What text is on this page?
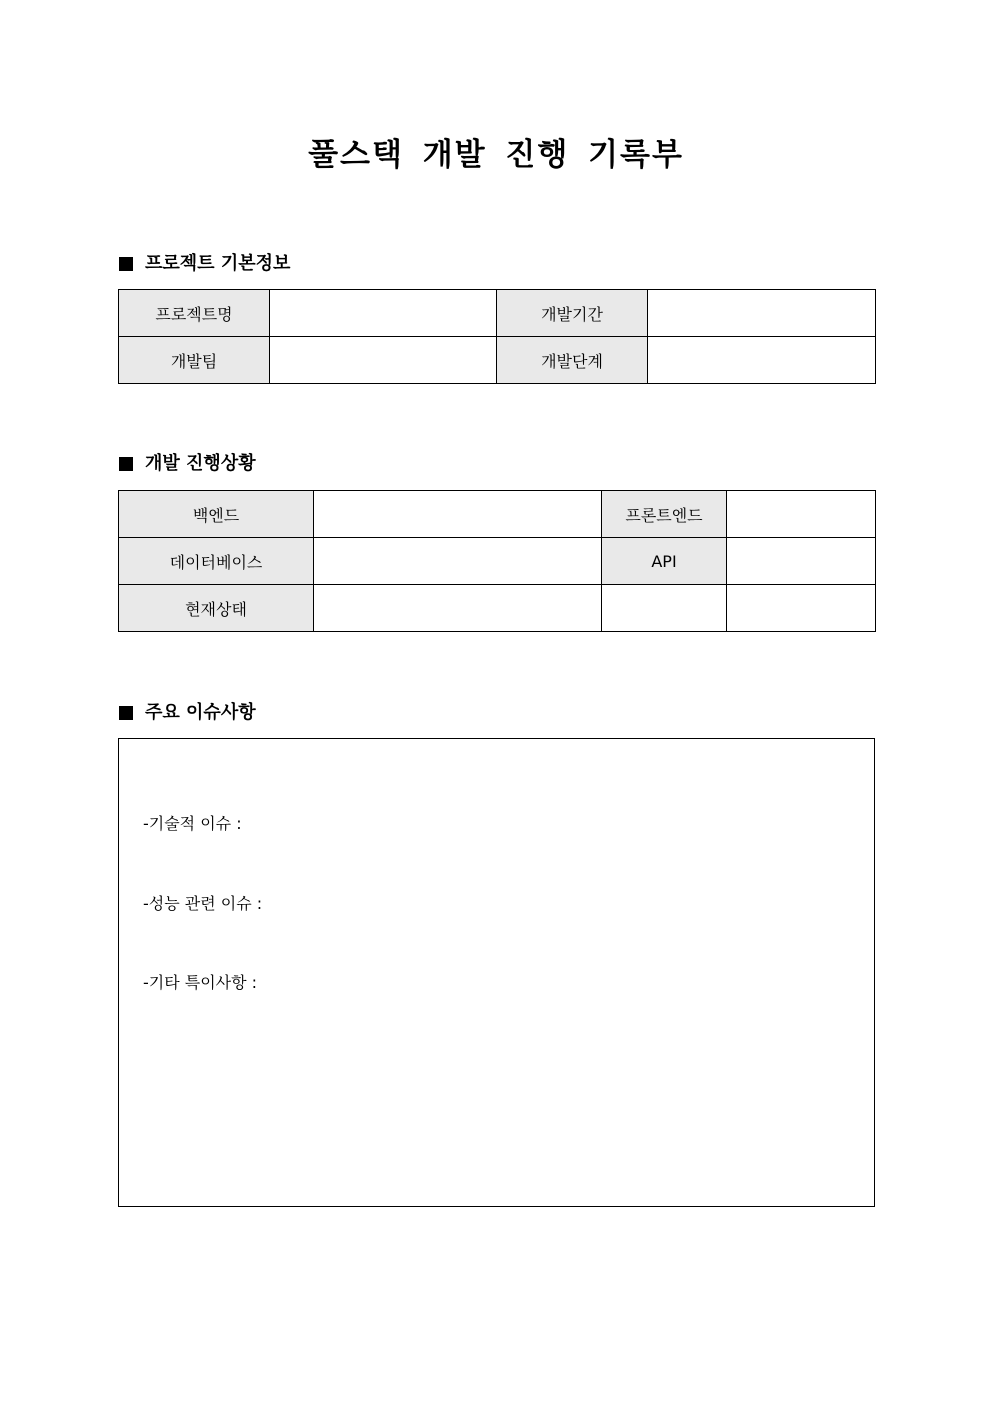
풀스택 개발 진행 기록부
프로젝트 기본정보
프로젝트명		개발기간	
개발팀		개발단계	
개발 진행상황
백엔드		프론트엔드	
데이터베이스		API	
현재상태			
주요 이슈사항

-기술적 이슈 :

-성능 관련 이슈 :

-기타 특이사항 :
